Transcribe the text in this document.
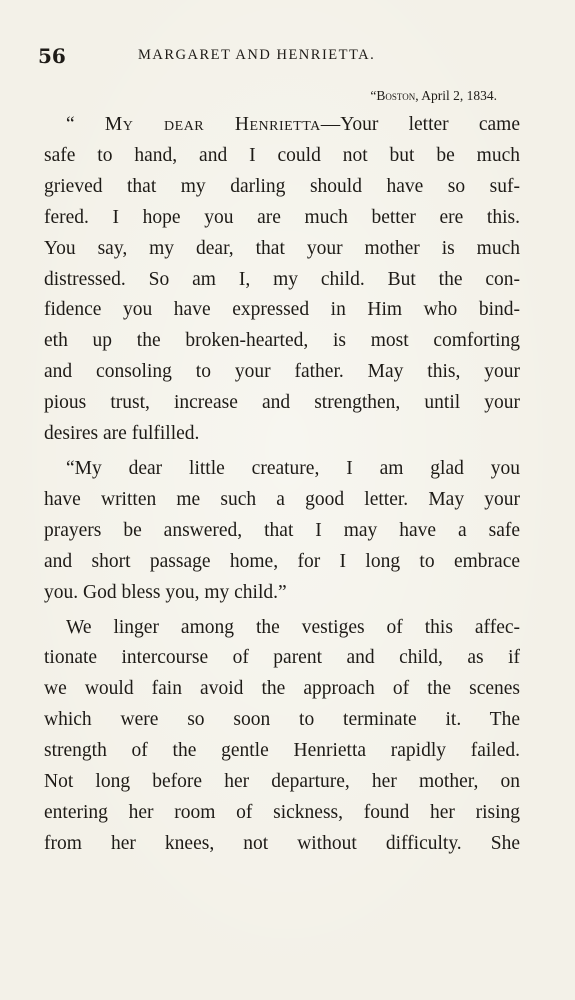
56	MARGARET AND HENRIETTA.
“Boston, April 2, 1834.

“ My dear Henrietta—Your letter came
safe to hand, and I could not but be much
grieved that my darling should have so suf-
fered. I hope you are much better ere this.
You say, my dear, that your mother is much
distressed. So am I, my child. But the con-
fidence you have expressed in Him who bind-
eth up the broken-hearted, is most comforting
and consoling to your father. May this, your
pious trust, increase and strengthen, until your
desires are fulfilled.

“My dear little creature, I am glad you
have written me such a good letter. May your
prayers be answered, that I may have a safe
and short passage home, for I long to embrace
you. God bless you, my child.”

We linger among the vestiges of this affec-
tionate intercourse of parent and child, as if
we would fain avoid the approach of the scenes
which were so soon to terminate it. The
strength of the gentle Henrietta rapidly failed.
Not long before her departure, her mother, on
entering her room of sickness, found her rising
from her knees, not without difficulty. She
